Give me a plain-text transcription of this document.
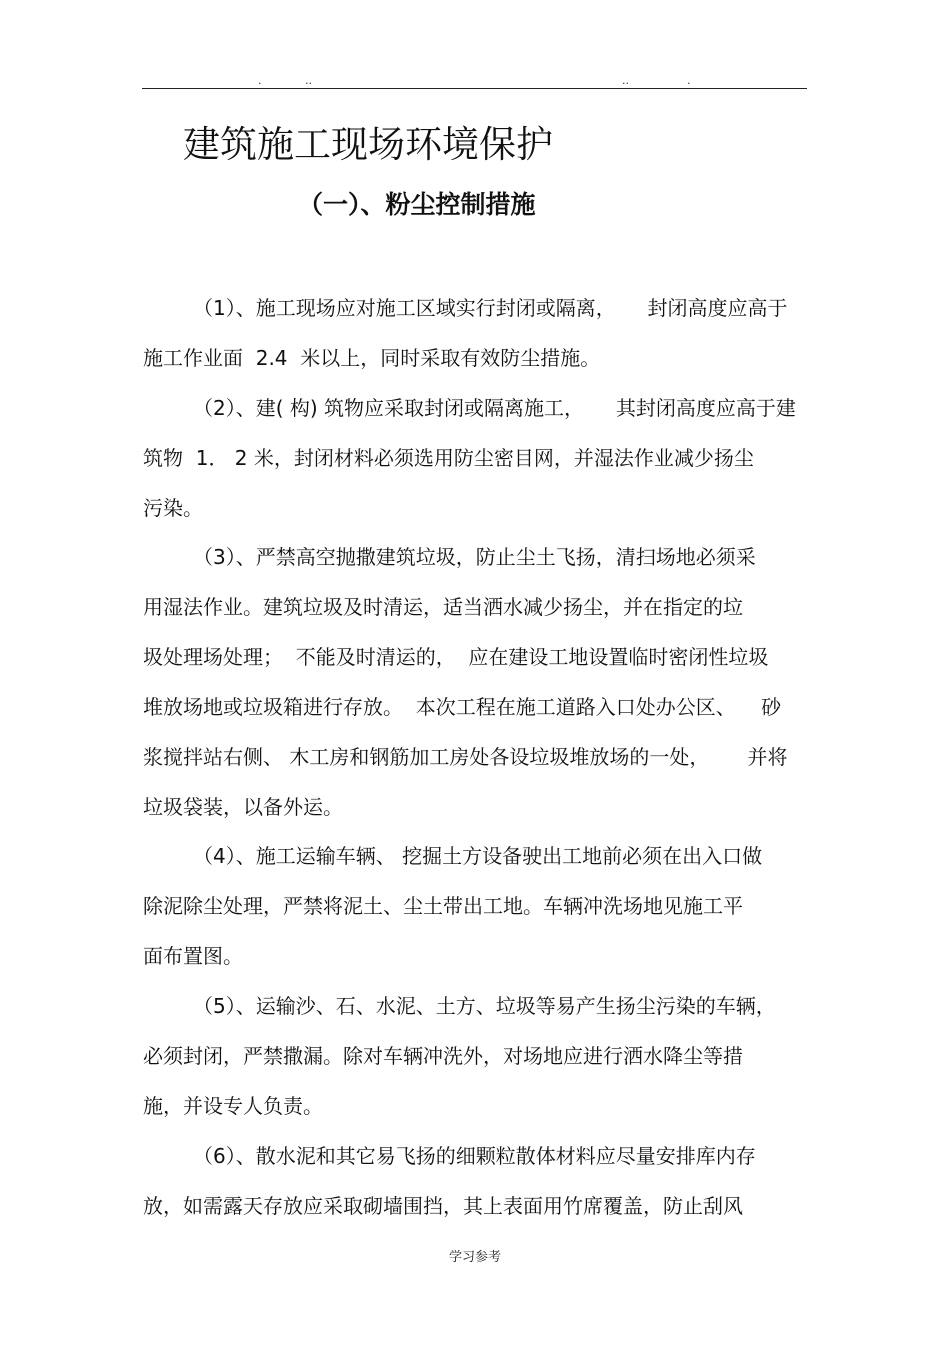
.	..	..	.
建筑施工现场环境保护
（一）、粉尘控制措施
（1）、施工现场应对施工区域实行封闭或隔离，     封闭高度应高于
施工作业面  2.4  米以上，同时采取有效防尘措施。
（2）、建( 构) 筑物应采取封闭或隔离施工，     其封闭高度应高于建
筑物  1． 2 米，封闭材料必须选用防尘密目网，并湿法作业减少扬尘
污染。
（3）、严禁高空抛撒建筑垃圾，防止尘土飞扬，清扫场地必须采
用湿法作业。建筑垃圾及时清运，适当洒水减少扬尘，并在指定的垃
圾处理场处理；  不能及时清运的，  应在建设工地设置临时密闭性垃圾
堆放场地或垃圾箱进行存放。  本次工程在施工道路入口处办公区、    砂
浆搅拌站右侧、 木工房和钢筋加工房处各设垃圾堆放场的一处，      并将
垃圾袋装，以备外运。
（4）、施工运输车辆、 挖掘土方设备驶出工地前必须在出入口做
除泥除尘处理，严禁将泥土、尘土带出工地。车辆冲洗场地见施工平
面布置图。
（5）、运输沙、石、水泥、土方、垃圾等易产生扬尘污染的车辆，
必须封闭，严禁撒漏。除对车辆冲洗外，对场地应进行洒水降尘等措
施，并设专人负责。
（6）、散水泥和其它易飞扬的细颗粒散体材料应尽量安排库内存
放，如需露天存放应采取砌墙围挡，其上表面用竹席覆盖，防止刮风
学习参考
